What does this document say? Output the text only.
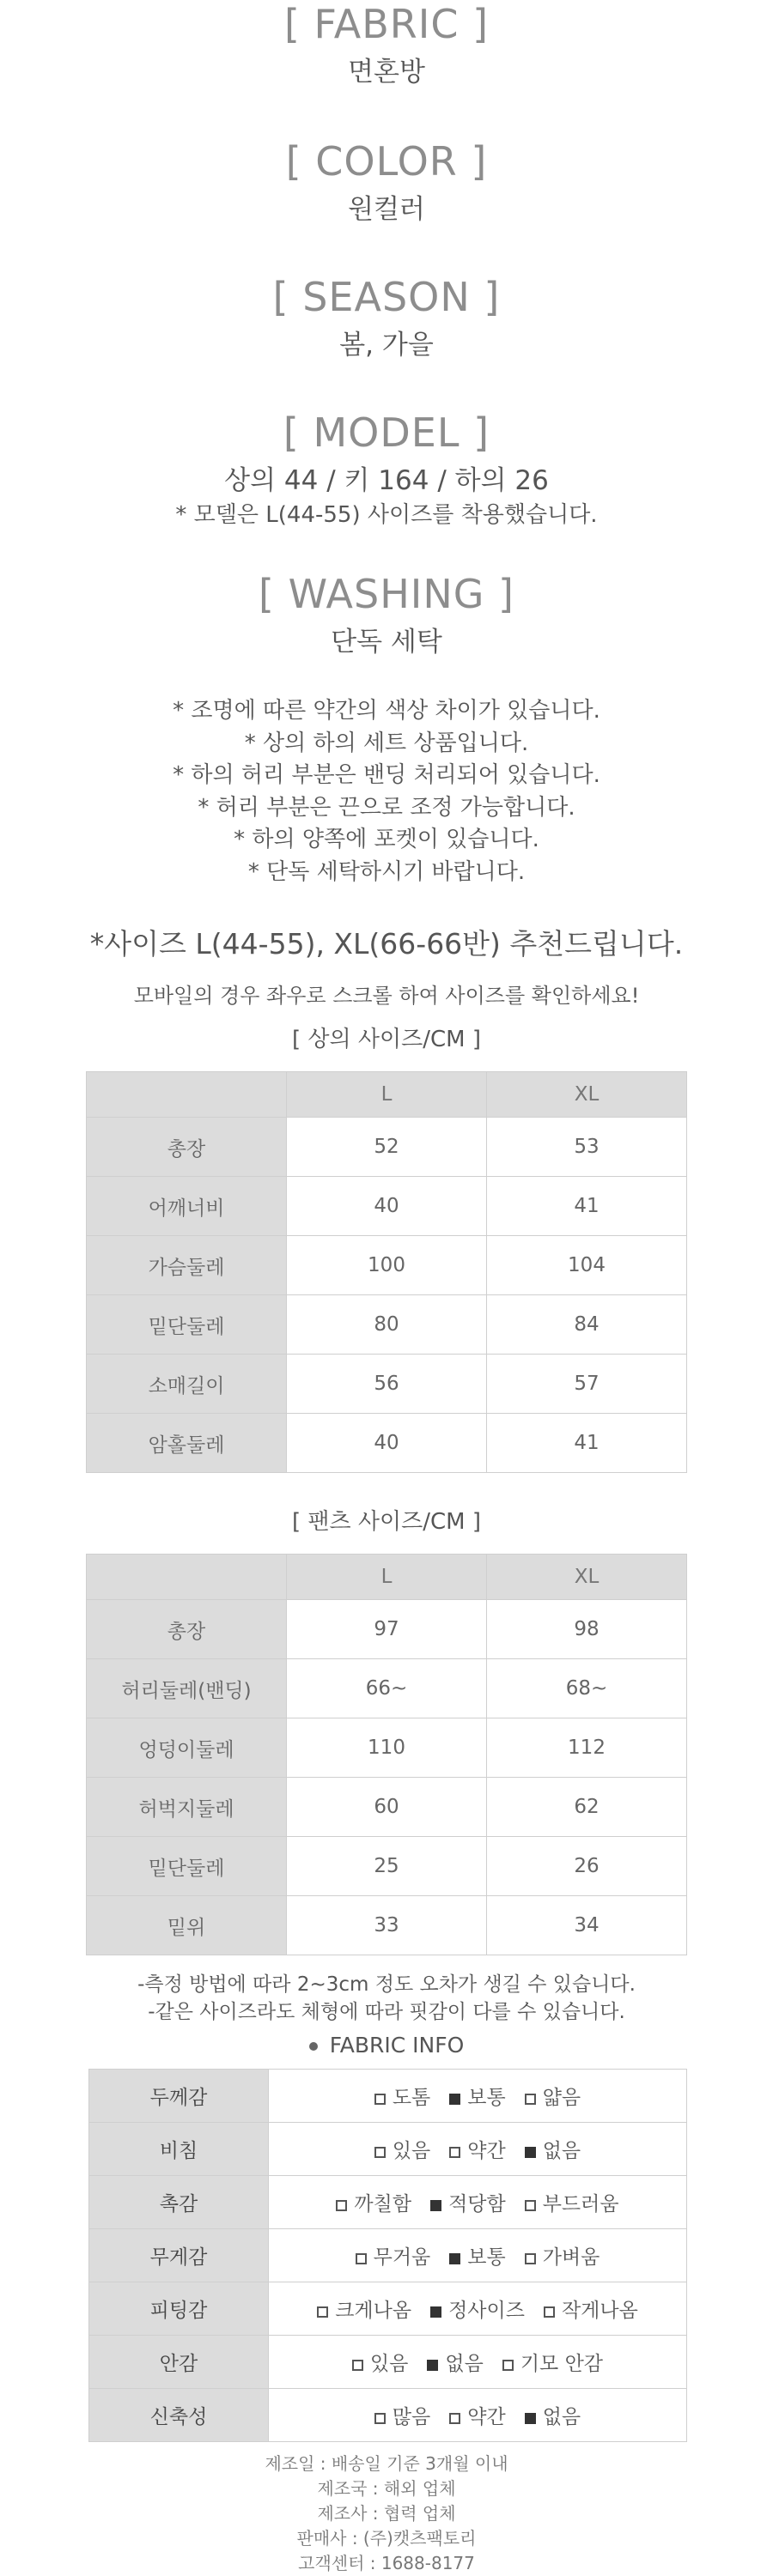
[ FABRIC ]
면혼방
[ COLOR ]
원컬러
[ SEASON ]
봄, 가을
[ MODEL ]
상의 44 / 키 164 / 하의 26
* 모델은 L(44-55) 사이즈를 착용했습니다.
[ WASHING ]
단독 세탁
* 조명에 따른 약간의 색상 차이가 있습니다.
* 상의 하의 세트 상품입니다.
* 하의 허리 부분은 밴딩 처리되어 있습니다.
* 허리 부분은 끈으로 조정 가능합니다.
* 하의 양쪽에 포켓이 있습니다.
* 단독 세탁하시기 바랍니다.
*사이즈 L(44-55), XL(66-66반) 추천드립니다.
모바일의 경우 좌우로 스크롤 하여 사이즈를 확인하세요!
[ 상의 사이즈/CM ]
	L	XL
총장	52	53
어깨너비	40	41
가슴둘레	100	104
밑단둘레	80	84
소매길이	56	57
암홀둘레	40	41
[ 팬츠 사이즈/CM ]
	L	XL
총장	97	98
허리둘레(밴딩)	66~	68~
엉덩이둘레	110	112
허벅지둘레	60	62
밑단둘레	25	26
밑위	33	34
-측정 방법에 따라 2~3cm 정도 오차가 생길 수 있습니다.
-같은 사이즈라도 체형에 따라 핏감이 다를 수 있습니다.
FABRIC INFO
두께감	도톰 보통 얇음
비침	있음 약간 없음
촉감	까칠함 적당함 부드러움
무게감	무거움 보통 가벼움
피팅감	크게나옴 정사이즈 작게나옴
안감	있음 없음 기모 안감
신축성	많음 약간 없음
제조일 : 배송일 기준 3개월 이내
제조국 : 해외 업체
제조사 : 협력 업체
판매사 : (주)캣츠팩토리
고객센터 : 1688-8177
